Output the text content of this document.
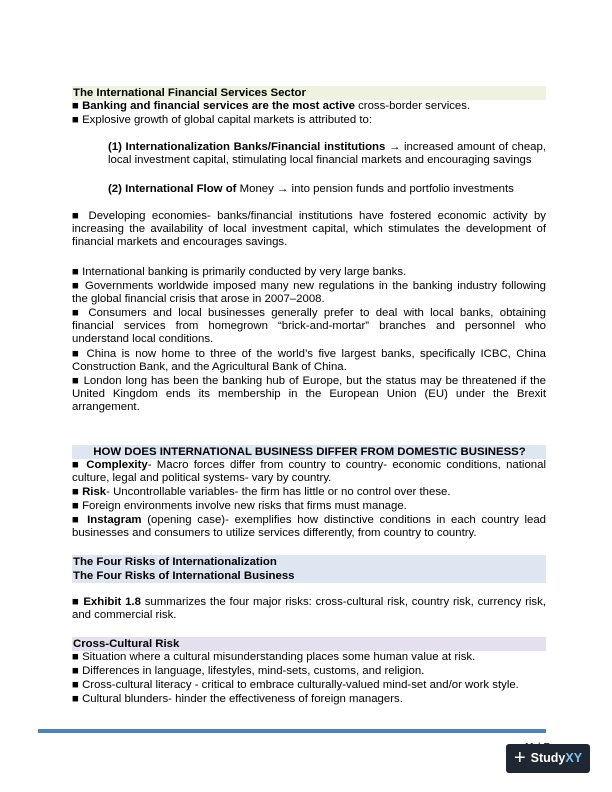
The International Financial Services Sector

■ Banking and financial services are the most active cross-border services.

■ Explosive growth of global capital markets is attributed to:

(1) Internationalization Banks/Financial institutions → increased amount of cheap, local investment capital, stimulating local financial markets and encouraging savings

(2) International Flow of Money → into pension funds and portfolio investments

■ Developing economies- banks/financial institutions have fostered economic activity by increasing the availability of local investment capital, which stimulates the development of financial markets and encourages savings.

■ International banking is primarily conducted by very large banks.

■ Governments worldwide imposed many new regulations in the banking industry following the global financial crisis that arose in 2007–2008.

■ Consumers and local businesses generally prefer to deal with local banks, obtaining financial services from homegrown “brick-and-mortar” branches and personnel who understand local conditions.

■ China is now home to three of the world’s five largest banks, specifically ICBC, China Construction Bank, and the Agricultural Bank of China.

■ London long has been the banking hub of Europe, but the status may be threatened if the United Kingdom ends its membership in the European Union (EU) under the Brexit arrangement.

HOW DOES INTERNATIONAL BUSINESS DIFFER FROM DOMESTIC BUSINESS?

■ Complexity- Macro forces differ from country to country- economic conditions, national culture, legal and political systems- vary by country.

■ Risk- Uncontrollable variables- the firm has little or no control over these.

■ Foreign environments involve new risks that firms must manage.

■ Instagram (opening case)- exemplifies how distinctive conditions in each country lead businesses and consumers to utilize services differently, from country to country.

The Four Risks of Internationalization
The Four Risks of International Business

■ Exhibit 1.8 summarizes the four major risks: cross-cultural risk, country risk, currency risk, and commercial risk.

Cross-Cultural Risk

■ Situation where a cultural misunderstanding places some human value at risk.

■ Differences in language, lifestyles, mind-sets, customs, and religion.

■ Cross-cultural literacy - critical to embrace culturally-valued mind-set and/or work style.

■ Cultural blunders- hinder the effectiveness of foreign managers.

+ StudyXY
